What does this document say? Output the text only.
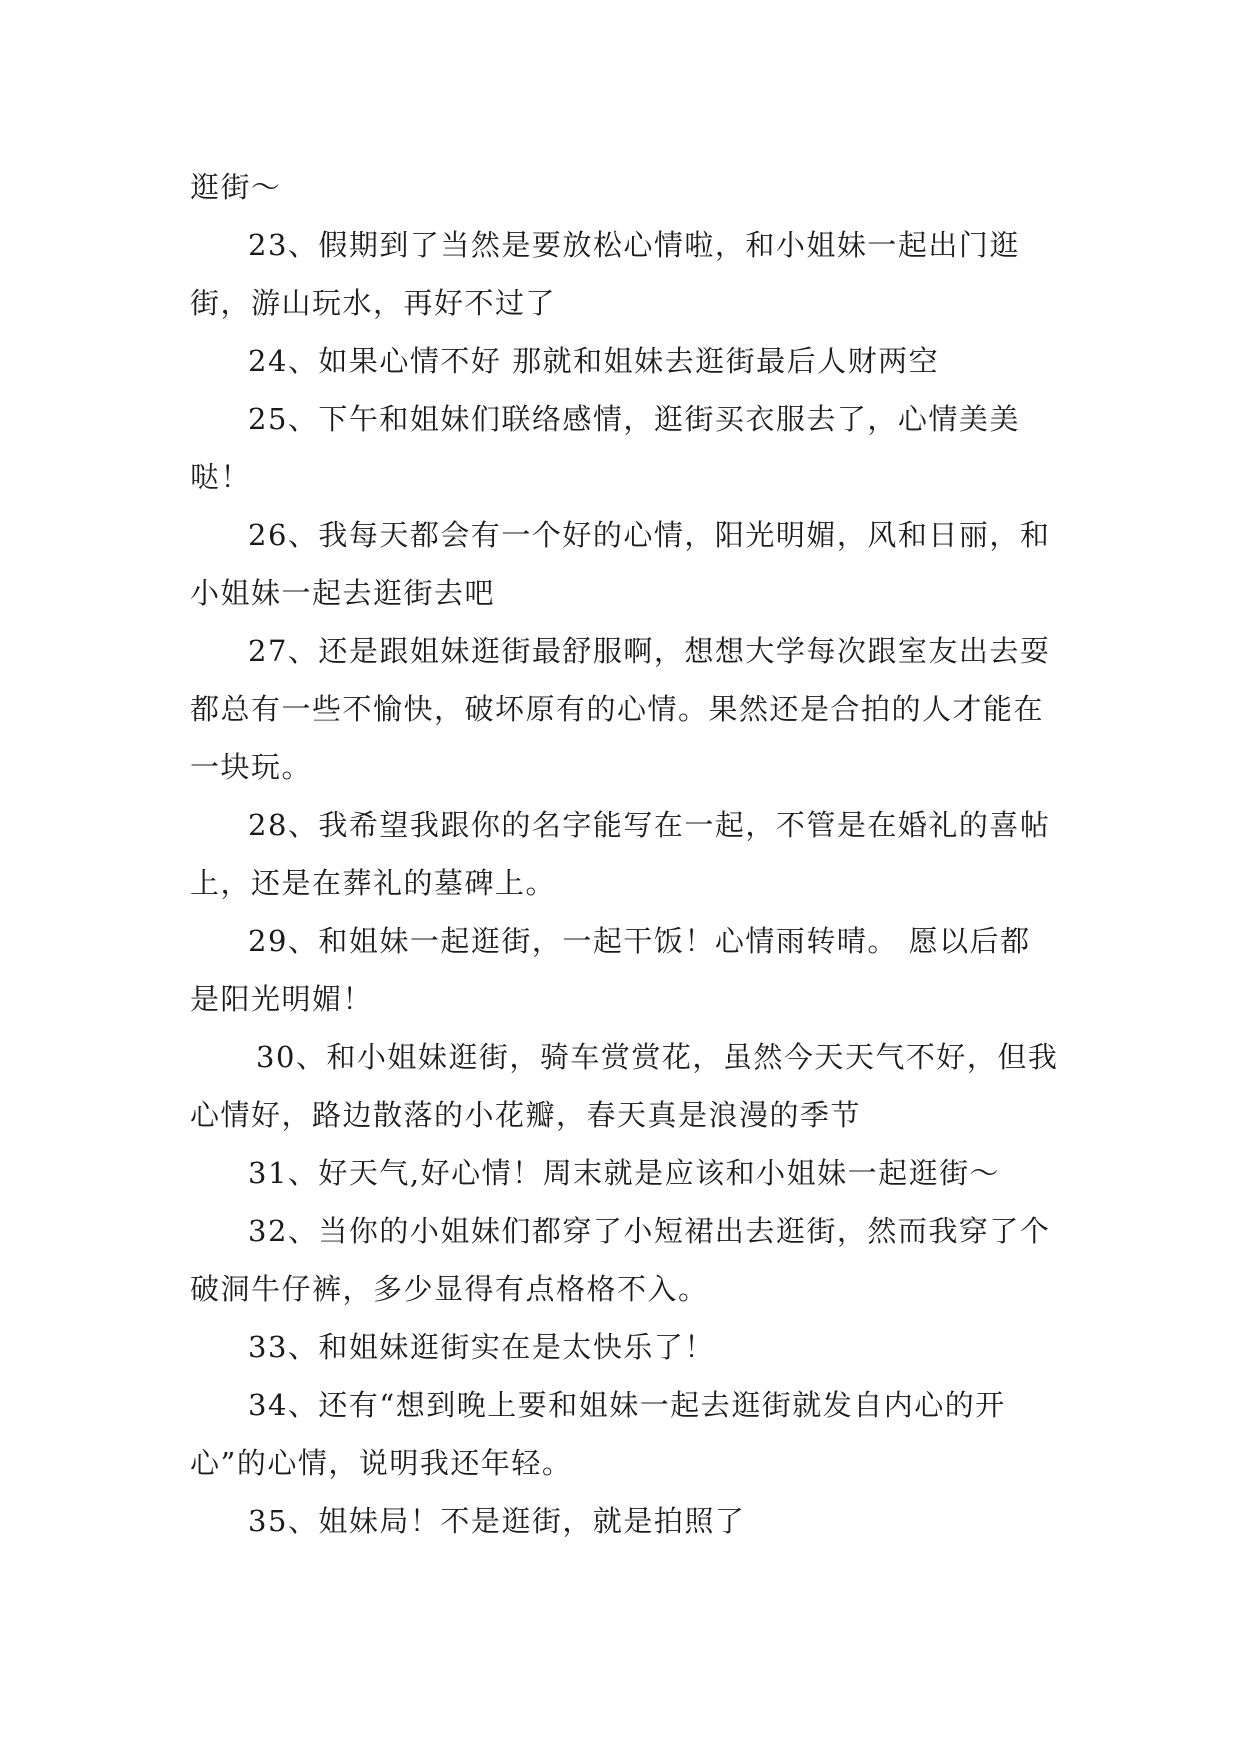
逛街～

23、假期到了当然是要放松心情啦，和小姐妹一起出门逛街，游山玩水，再好不过了

24、如果心情不好 那就和姐妹去逛街最后人财两空

25、下午和姐妹们联络感情，逛街买衣服去了，心情美美哒！

26、我每天都会有一个好的心情，阳光明媚，风和日丽，和小姐妹一起去逛街去吧

27、还是跟姐妹逛街最舒服啊，想想大学每次跟室友出去耍都总有一些不愉快，破坏原有的心情。果然还是合拍的人才能在一块玩。

28、我希望我跟你的名字能写在一起，不管是在婚礼的喜帖上，还是在葬礼的墓碑上。

29、和姐妹一起逛街，一起干饭！心情雨转晴。 愿以后都是阳光明媚！

30、和小姐妹逛街，骑车赏赏花，虽然今天天气不好，但我心情好，路边散落的小花瓣，春天真是浪漫的季节

31、好天气,好心情！周末就是应该和小姐妹一起逛街～

32、当你的小姐妹们都穿了小短裙出去逛街，然而我穿了个破洞牛仔裤，多少显得有点格格不入。

33、和姐妹逛街实在是太快乐了！

34、还有“想到晚上要和姐妹一起去逛街就发自内心的开心”的心情，说明我还年轻。

35、姐妹局！不是逛街，就是拍照了
